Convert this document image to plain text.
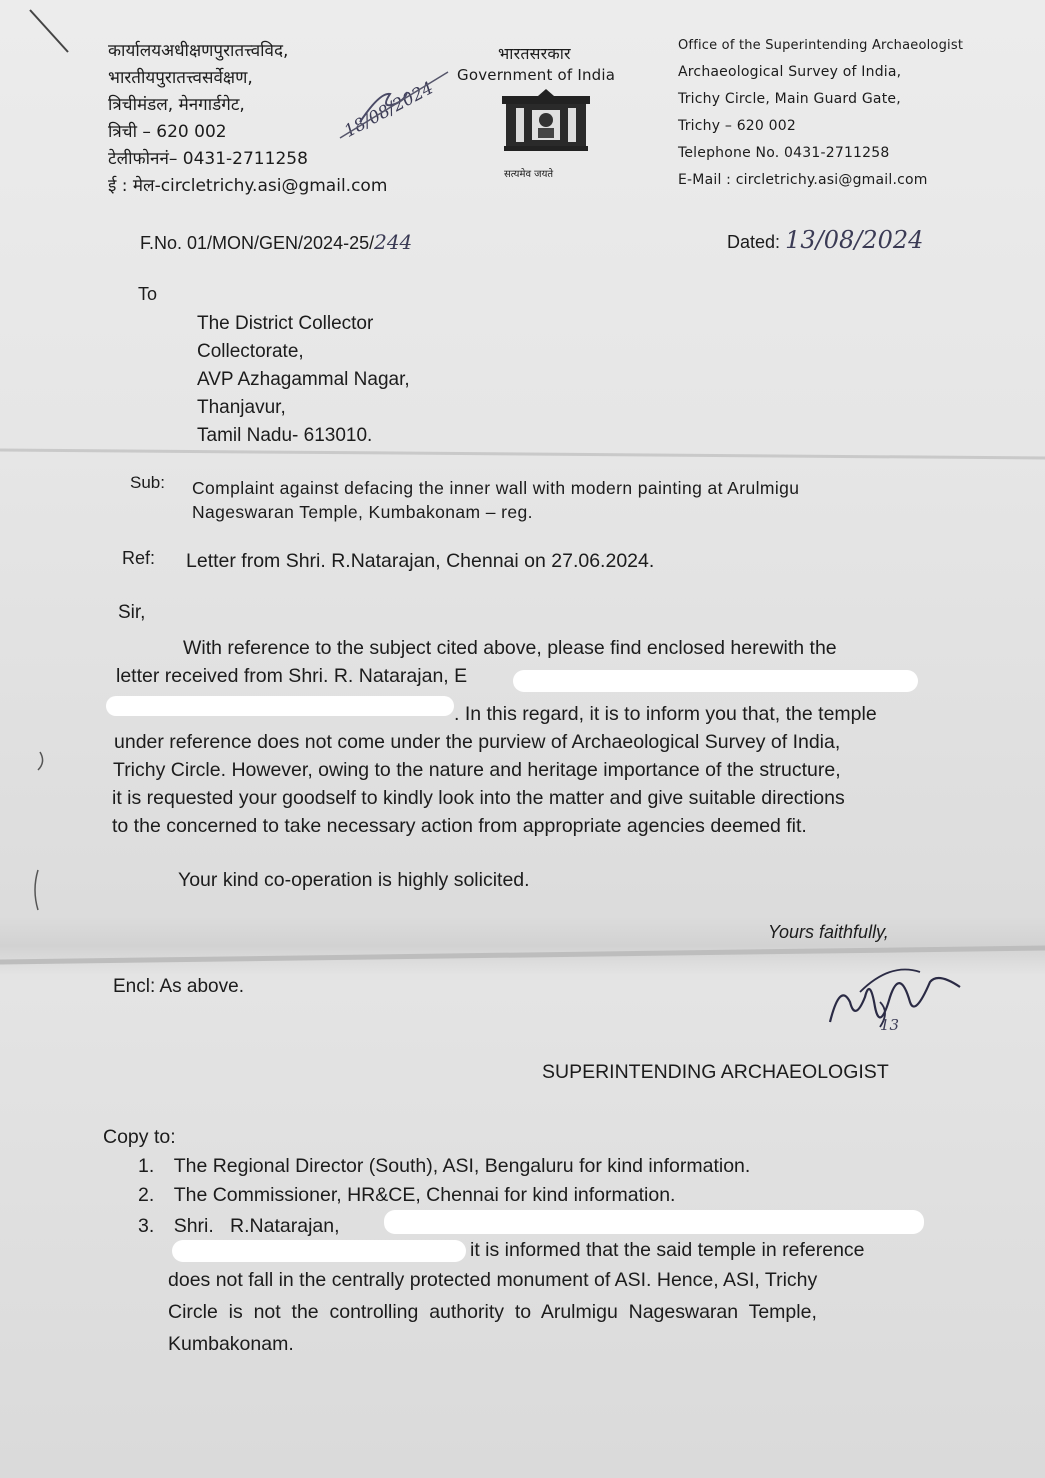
कार्यालयअधीक्षणपुरातत्त्वविद,
भारतीयपुरातत्त्वसर्वेक्षण,
त्रिचीमंडल, मेनगार्डगेट,
त्रिची – 620 002
टेलीफोननं– 0431-2711258
ई : मेल-circletrichy.asi@gmail.com
भारतसरकार
Government of India
सत्यमेव जयते
18/08/2024
Office of the Superintending Archaeologist
Archaeological Survey of India,
Trichy Circle, Main Guard Gate,
Trichy – 620 002
Telephone No. 0431-2711258
E-Mail : circletrichy.asi@gmail.com
F.No. 01/MON/GEN/2024-25/244	Dated: 13/08/2024
To
The District Collector
Collectorate,
AVP Azhagammal Nagar,
Thanjavur,
Tamil Nadu- 613010.
Sub: Complaint against defacing the inner wall with modern painting at Arulmigu
Nageswaran Temple, Kumbakonam – reg.
Ref: Letter from Shri. R.Natarajan, Chennai on 27.06.2024.
Sir,
With reference to the subject cited above, please find enclosed herewith the
letter received from Shri. R. Natarajan, E
. In this regard, it is to inform you that, the temple
under reference does not come under the purview of Archaeological Survey of India,
Trichy Circle. However, owing to the nature and heritage importance of the structure,
it is requested your goodself to kindly look into the matter and give suitable directions
to the concerned to take necessary action from appropriate agencies deemed fit.
Your kind co-operation is highly solicited.
Yours faithfully,
Encl: As above.
13
SUPERINTENDING ARCHAEOLOGIST
Copy to:
1. The Regional Director (South), ASI, Bengaluru for kind information.
2. The Commissioner, HR&CE, Chennai for kind information.
3. Shri.   R.Natarajan,
it is informed that the said temple in reference
does not fall in the centrally protected monument of ASI. Hence, ASI, Trichy
Circle  is  not  the  controlling  authority  to  Arulmigu  Nageswaran  Temple,
Kumbakonam.
